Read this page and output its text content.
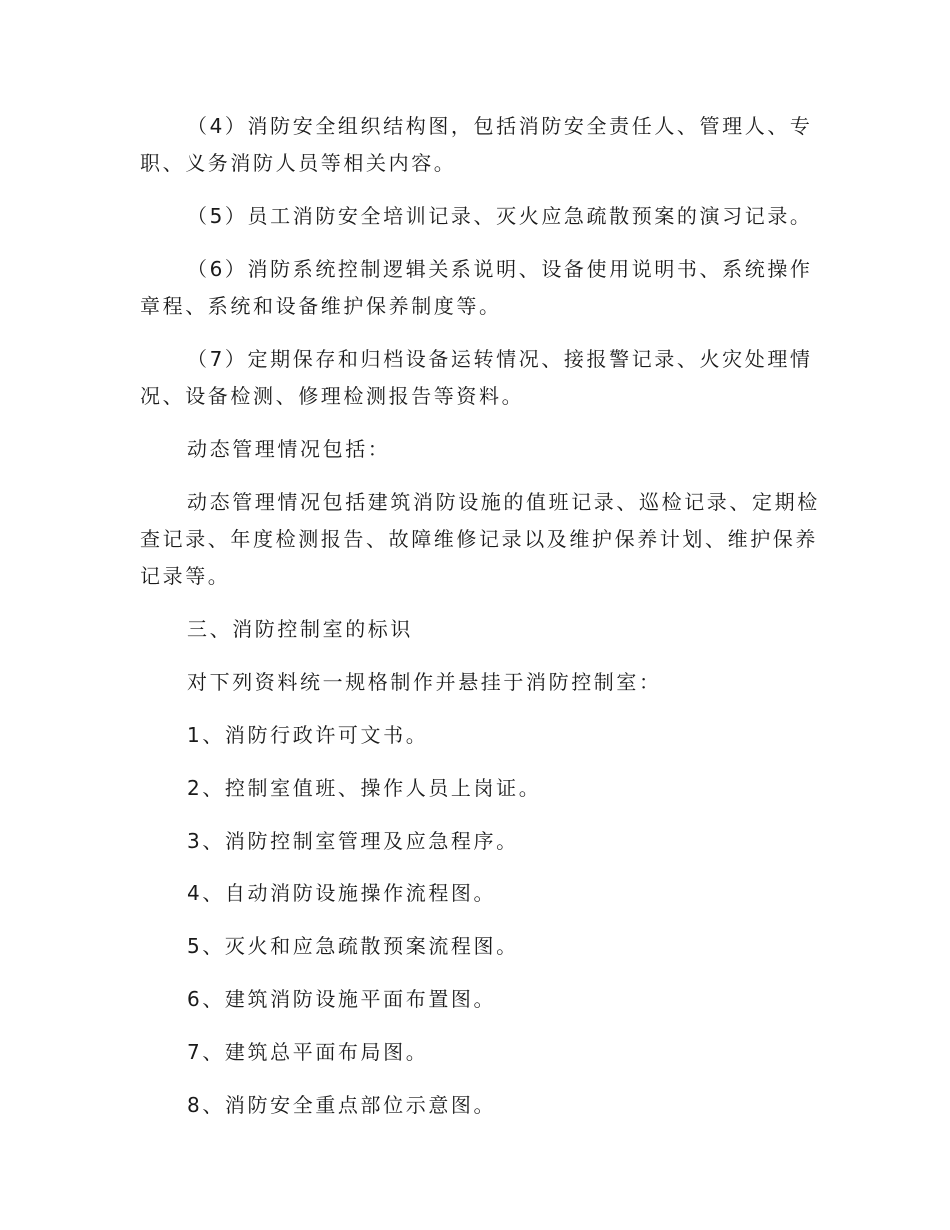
（4）消防安全组织结构图，包括消防安全责任人、管理人、专
职、义务消防人员等相关内容。
（5）员工消防安全培训记录、灭火应急疏散预案的演习记录。
（6）消防系统控制逻辑关系说明、设备使用说明书、系统操作
章程、系统和设备维护保养制度等。
（7）定期保存和归档设备运转情况、接报警记录、火灾处理情
况、设备检测、修理检测报告等资料。
动态管理情况包括：
动态管理情况包括建筑消防设施的值班记录、巡检记录、定期检
查记录、年度检测报告、故障维修记录以及维护保养计划、维护保养
记录等。
三、消防控制室的标识
对下列资料统一规格制作并悬挂于消防控制室：
1、消防行政许可文书。
2、控制室值班、操作人员上岗证。
3、消防控制室管理及应急程序。
4、自动消防设施操作流程图。
5、灭火和应急疏散预案流程图。
6、建筑消防设施平面布置图。
7、建筑总平面布局图。
8、消防安全重点部位示意图。
